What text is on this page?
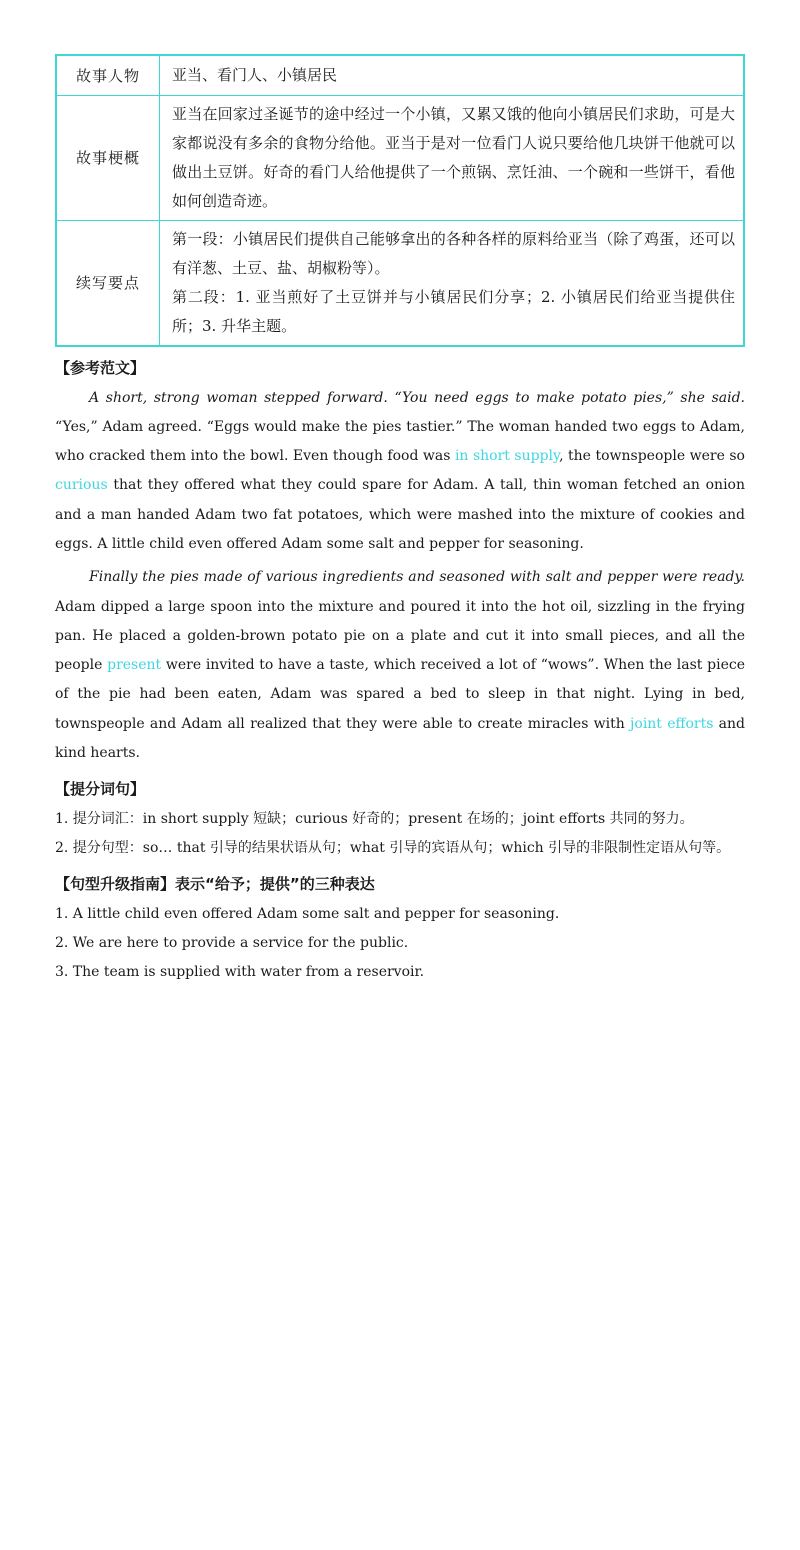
故事人物	亚当、看门人、小镇居民
故事梗概	亚当在回家过圣诞节的途中经过一个小镇，又累又饿的他向小镇居民们求助，可是大家都说没有多余的食物分给他。亚当于是对一位看门人说只要给他几块饼干他就可以做出土豆饼。好奇的看门人给他提供了一个煎锅、烹饪油、一个碗和一些饼干，看他如何创造奇迹。
续写要点	第一段：小镇居民们提供自己能够拿出的各种各样的原料给亚当（除了鸡蛋，还可以有洋葱、土豆、盐、胡椒粉等）。
第二段：1. 亚当煎好了土豆饼并与小镇居民们分享；2. 小镇居民们给亚当提供住所；3. 升华主题。
【参考范文】

A short, strong woman stepped forward. “You need eggs to make potato pies,” she said. “Yes,” Adam agreed. “Eggs would make the pies tastier.” The woman handed two eggs to Adam, who cracked them into the bowl. Even though food was in short supply, the townspeople were so curious that they offered what they could spare for Adam. A tall, thin woman fetched an onion and a man handed Adam two fat potatoes, which were mashed into the mixture of cookies and eggs. A little child even offered Adam some salt and pepper for seasoning.

Finally the pies made of various ingredients and seasoned with salt and pepper were ready. Adam dipped a large spoon into the mixture and poured it into the hot oil, sizzling in the frying pan. He placed a golden-brown potato pie on a plate and cut it into small pieces, and all the people present were invited to have a taste, which received a lot of “wows”. When the last piece of the pie had been eaten, Adam was spared a bed to sleep in that night. Lying in bed, townspeople and Adam all realized that they were able to create miracles with joint efforts and kind hearts.

【提分词句】
1. 提分词汇：in short supply 短缺；curious 好奇的；present 在场的；joint efforts 共同的努力。
2. 提分句型：so… that 引导的结果状语从句；what 引导的宾语从句；which 引导的非限制性定语从句等。
【句型升级指南】表示“给予；提供”的三种表达
1. A little child even offered Adam some salt and pepper for seasoning.
2. We are here to provide a service for the public.
3. The team is supplied with water from a reservoir.
